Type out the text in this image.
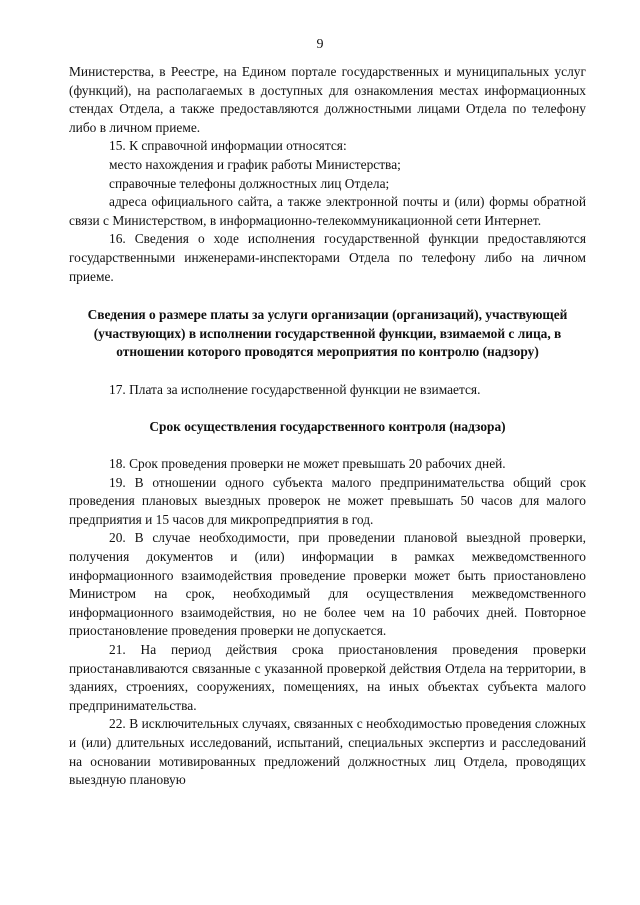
9

Министерства, в Реестре, на Едином портале государственных и муниципальных услуг (функций), на располагаемых в доступных для ознакомления местах информационных стендах Отдела, а также предоставляются должностными лицами Отдела по телефону либо в личном приеме.

15. К справочной информации относятся:

место нахождения и график работы Министерства;

справочные телефоны должностных лиц Отдела;

адреса официального сайта, а также электронной почты и (или) формы обратной связи с Министерством, в информационно-телекоммуникационной сети Интернет.

16. Сведения о ходе исполнения государственной функции предоставляются государственными инженерами-инспекторами Отдела по телефону либо на личном приеме.

Сведения о размере платы за услуги организации (организаций), участвующей (участвующих) в исполнении государственной функции, взимаемой с лица, в отношении которого проводятся мероприятия по контролю (надзору)

17. Плата за исполнение государственной функции не взимается.

Срок осуществления государственного контроля (надзора)

18. Срок проведения проверки не может превышать 20 рабочих дней.

19. В отношении одного субъекта малого предпринимательства общий срок проведения плановых выездных проверок не может превышать 50 часов для малого предприятия и 15 часов для микропредприятия в год.

20. В случае необходимости, при проведении плановой выездной проверки, получения документов и (или) информации в рамках межведомственного информационного взаимодействия проведение проверки может быть приостановлено Министром на срок, необходимый для осуществления межведомственного информационного взаимодействия, но не более чем на 10 рабочих дней. Повторное приостановление проведения проверки не допускается.

21. На период действия срока приостановления проведения проверки приостанавливаются связанные с указанной проверкой действия Отдела на территории, в зданиях, строениях, сооружениях, помещениях, на иных объектах субъекта малого предпринимательства.

22. В исключительных случаях, связанных с необходимостью проведения сложных и (или) длительных исследований, испытаний, специальных экспертиз и расследований на основании мотивированных предложений должностных лиц Отдела, проводящих выездную плановую
